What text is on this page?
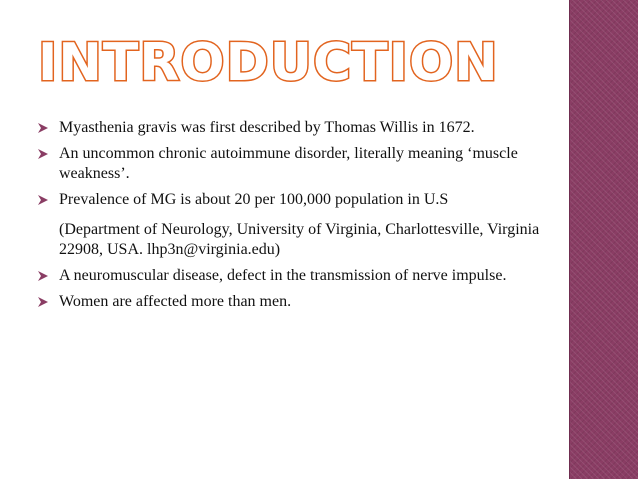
INTRODUCTION
Myasthenia gravis was first described by Thomas Willis in 1672.
An uncommon chronic autoimmune disorder, literally meaning ‘muscle weakness’.
Prevalence of MG is about 20 per 100,000 population in U.S
(Department of Neurology, University of Virginia, Charlottesville, Virginia 22908, USA. lhp3n@virginia.edu)
A neuromuscular disease, defect in the transmission of nerve impulse.
Women are affected more than men.
